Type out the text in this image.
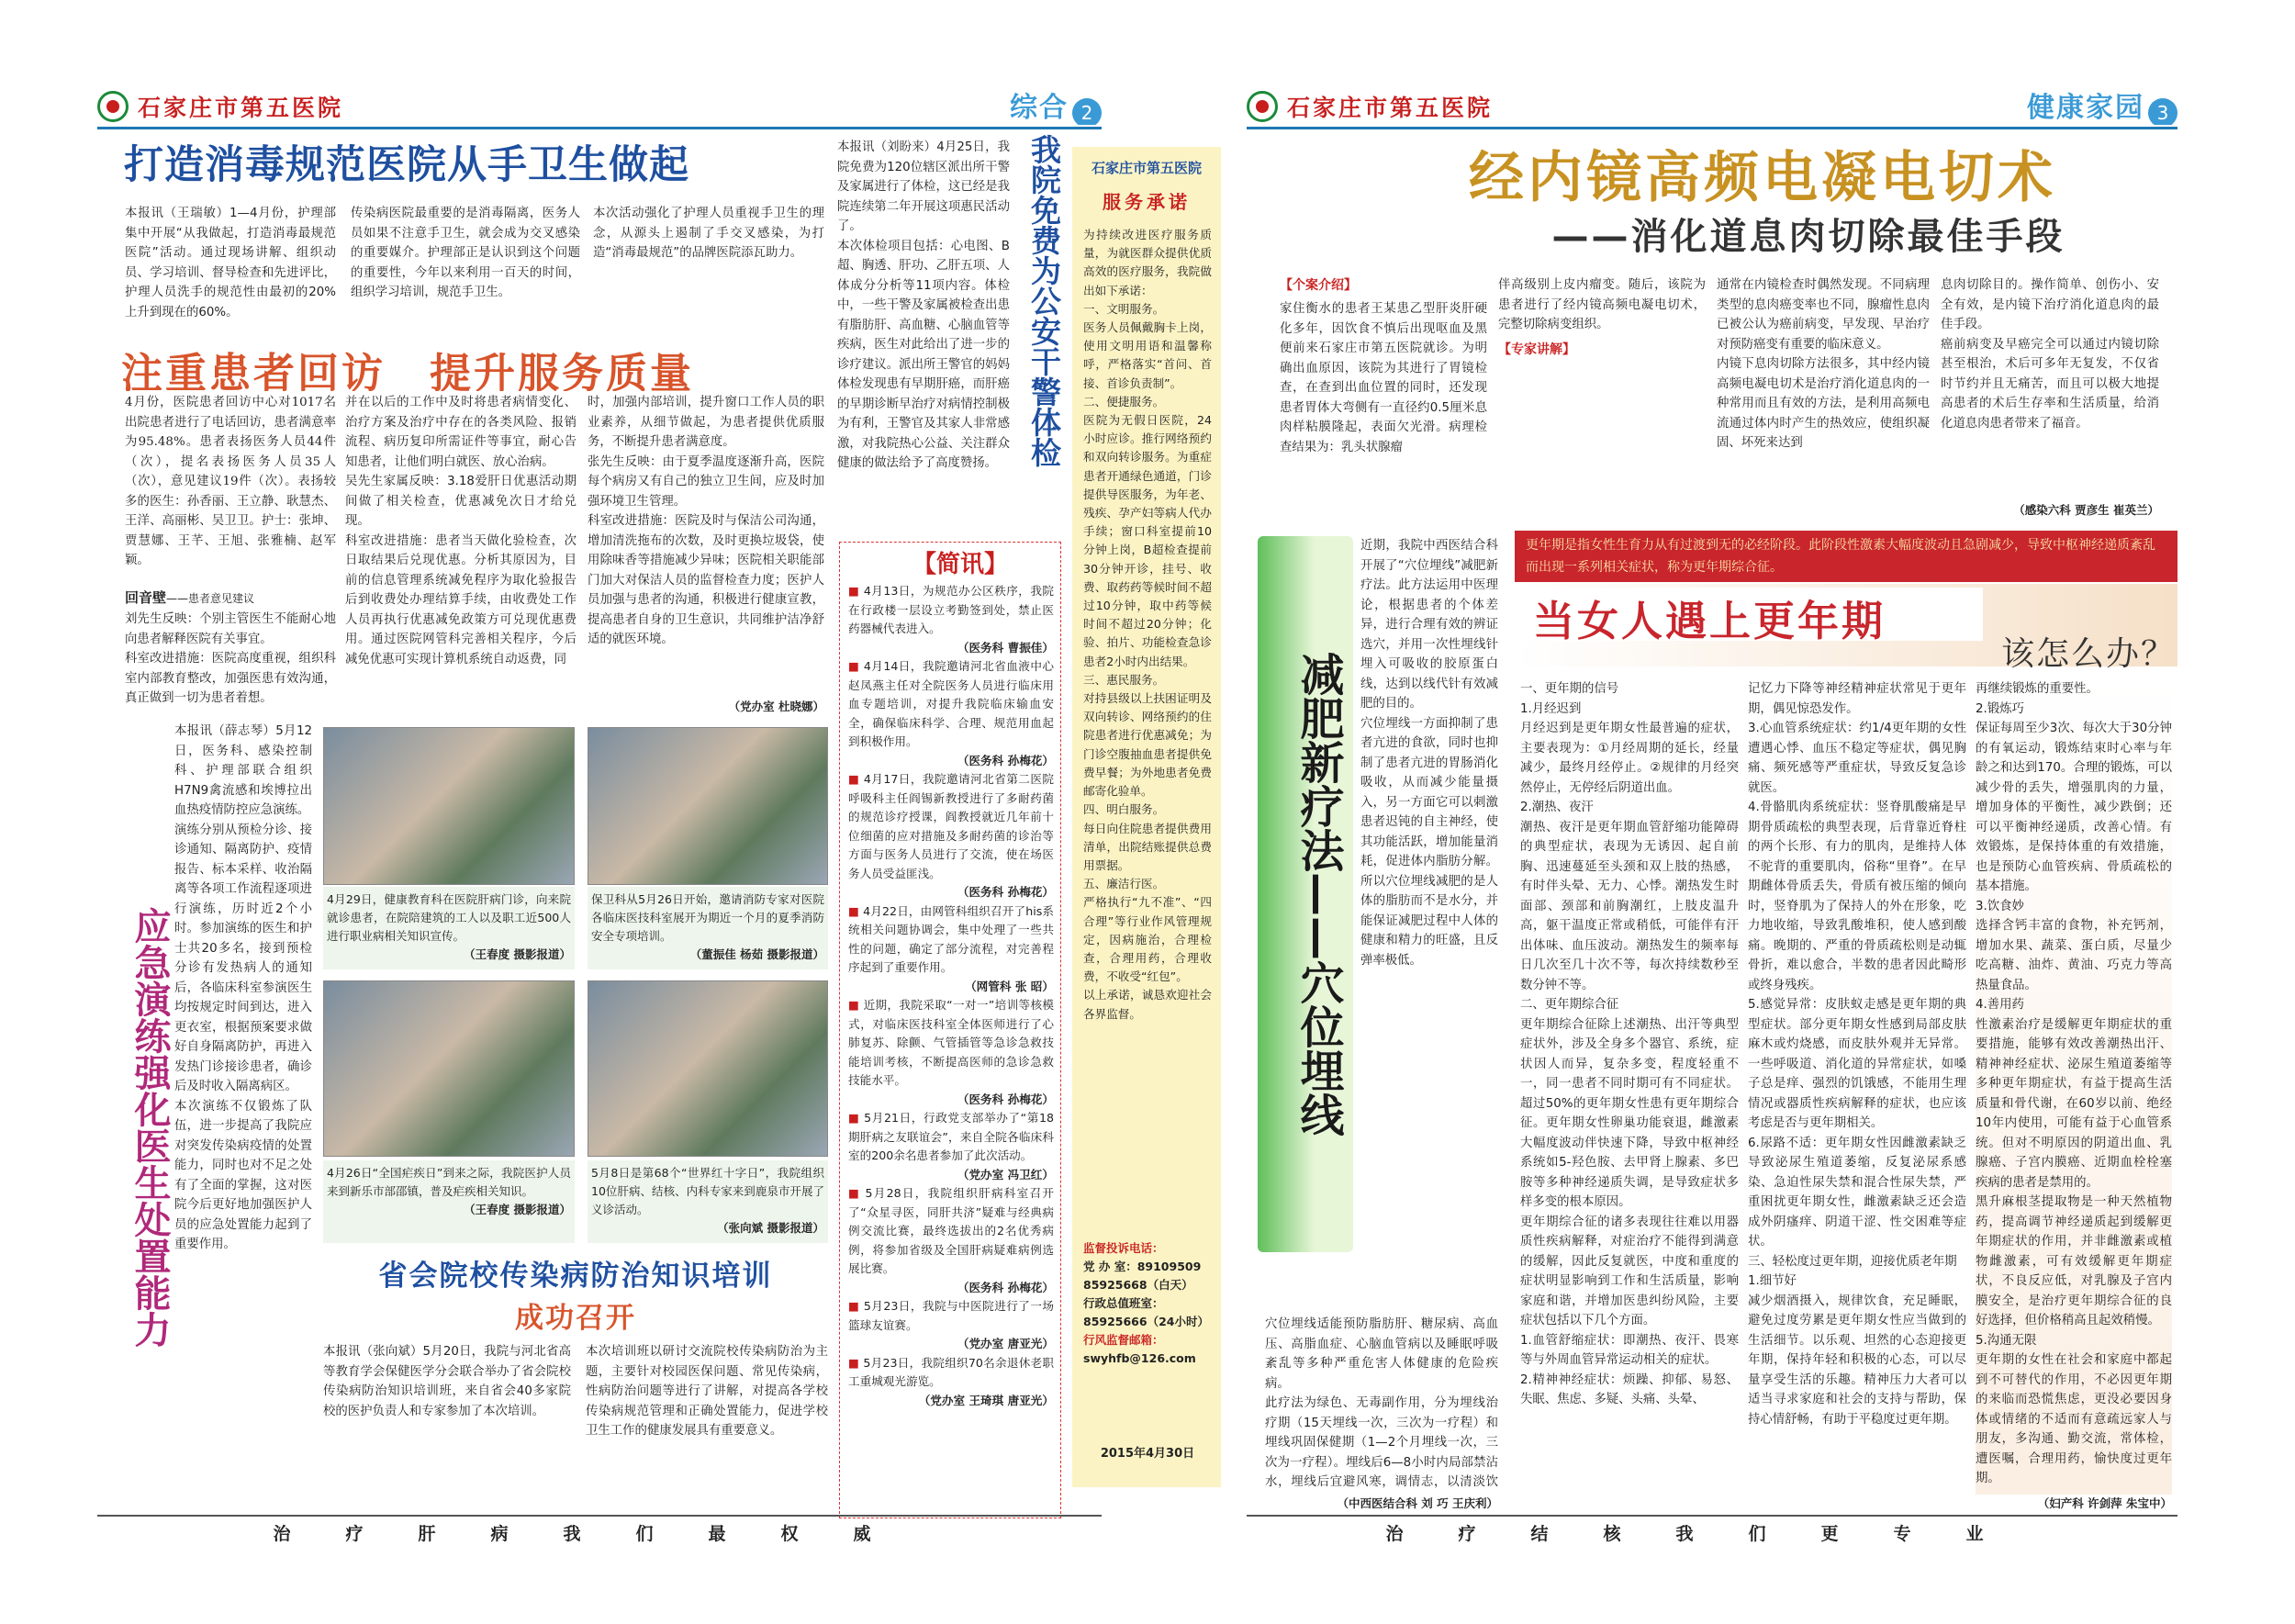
石家庄市第五医院	综合 2
打造消毒规范医院从手卫生做起
本报讯（王瑞敏）1—4月份，护理部集中开展“从我做起，打造消毒最规范医院”活动。通过现场讲解、组织动员、学习培训、督导检查和先进评比，护理人员洗手的规范性由最初的20%上升到现在的60%。
传染病医院最重要的是消毒隔离，医务人员如果不注意手卫生，就会成为交叉感染的重要媒介。护理部正是认识到这个问题的重要性，今年以来利用一百天的时间，组织学习培训，规范手卫生。
本次活动强化了护理人员重视手卫生的理念，从源头上遏制了手交叉感染，为打造“消毒最规范”的品牌医院添瓦助力。
注重患者回访　提升服务质量
4月份，医院患者回访中心对1017名出院患者进行了电话回访，患者满意率为95.48%。患者表扬医务人员44件（次），提名表扬医务人员35人（次），意见建议19件（次）。表扬较多的医生：孙香丽、王立静、耿慧杰、王洋、高丽彬、吴卫卫。护士：张坤、贾慧娜、王芊、王旭、张雅楠、赵军颖。
回音壁——患者意见建议
刘先生反映：个别主管医生不能耐心地向患者解释医院有关事宜。
科室改进措施：医院高度重视，组织科室内部教育整改，加强医患有效沟通，真正做到一切为患者着想。
并在以后的工作中及时将患者病情变化、治疗方案及治疗中存在的各类风险、报销流程、病历复印所需证件等事宜，耐心告知患者，让他们明白就医、放心治病。
吴先生家属反映：3.18爱肝日优惠活动期间做了相关检查，优惠减免次日才给兑现。
科室改进措施：患者当天做化验检查，次日取结果后兑现优惠。分析其原因为，目前的信息管理系统减免程序为取化验报告后到收费处办理结算手续，由收费处工作人员再执行优惠减免政策方可兑现优惠费用。通过医院网管科完善相关程序，今后减免优惠可实现计算机系统自动返费，同
时，加强内部培训，提升窗口工作人员的职业素养，从细节做起，为患者提供优质服务，不断提升患者满意度。
张先生反映：由于夏季温度逐渐升高，医院每个病房又有自己的独立卫生间，应及时加强环境卫生管理。
科室改进措施：医院及时与保洁公司沟通，增加清洗拖布的次数，及时更换垃圾袋，使用除味香等措施减少异味；医院相关职能部门加大对保洁人员的监督检查力度；医护人员加强与患者的沟通，积极进行健康宣教，提高患者自身的卫生意识，共同维护洁净舒适的就医环境。
（党办室 杜晓娜）
本报讯（刘盼来）4月25日，我院免费为120位辖区派出所干警及家属进行了体检，这已经是我院连续第二年开展这项惠民活动了。
本次体检项目包括：心电图、B超、胸透、肝功、乙肝五项、人体成分分析等11项内容。体检中，一些干警及家属被检查出患有脂肪肝、高血糖、心脑血管等疾病，医生对此给出了进一步的诊疗建议。派出所王警官的妈妈体检发现患有早期肝癌，而肝癌的早期诊断早治疗对病情控制极为有利，王警官及其家人非常感激，对我院热心公益、关注群众健康的做法给予了高度赞扬。 我院免费为公安干警体检
应急演练强化医生处置能力
本报讯（薛志琴）5月12日，医务科、感染控制科、护理部联合组织H7N9禽流感和埃博拉出血热疫情防控应急演练。
演练分别从预检分诊、接诊通知、隔离防护、疫情报告、标本采样、收治隔离等各项工作流程逐项进行演练，历时近2个小时。参加演练的医生和护士共20多名，接到预检分诊有发热病人的通知后，各临床科室参演医生均按规定时间到达，进入更衣室，根据预案要求做好自身隔离防护，再进入发热门诊接诊患者，确诊后及时收入隔离病区。
本次演练不仅锻炼了队伍，进一步提高了我院应对突发传染病疫情的处置能力，同时也对不足之处有了全面的掌握，这对医院今后更好地加强医护人员的应急处置能力起到了重要作用。
4月29日，健康教育科在医院肝病门诊，向来院就诊患者，在院陪建筑的工人以及职工近500人进行职业病相关知识宣传。
（王春度 摄影报道）
保卫科从5月26日开始，邀请消防专家对医院各临床医技科室展开为期近一个月的夏季消防安全专项培训。
（董振佳 杨茹 摄影报道）
4月26日“全国疟疾日”到来之际，我院医护人员来到新乐市部邵镇，普及疟疾相关知识。
（王春度 摄影报道）
5月8日是第68个“世界红十字日”，我院组织10位肝病、结核、内科专家来到鹿泉市开展了义诊活动。
（张向斌 摄影报道）
省会院校传染病防治知识培训
成功召开
本报讯（张向斌）5月20日，我院与河北省高等教育学会保健医学分会联合举办了省会院校传染病防治知识培训班，来自省会40多家院校的医护负责人和专家参加了本次培训。
本次培训班以研讨交流院校传染病防治为主题，主要针对校园医保问题、常见传染病，性病防治问题等进行了讲解，对提高各学校传染病规范管理和正确处置能力，促进学校卫生工作的健康发展具有重要意义。
【简讯】
■ 4月13日，为规范办公区秩序，我院在行政楼一层设立考勤签到处，禁止医药器械代表进入。
（医务科 曹振佳）
■ 4月14日，我院邀请河北省血液中心赵凤燕主任对全院医务人员进行临床用血专题培训，对提升我院临床输血安全，确保临床科学、合理、规范用血起到积极作用。
（医务科 孙梅花）
■ 4月17日，我院邀请河北省第二医院呼吸科主任阎锡新教授进行了多耐药菌的规范诊疗授课，阎教授就近几年前十位细菌的应对措施及多耐药菌的诊治等方面与医务人员进行了交流，使在场医务人员受益匪浅。
（医务科 孙梅花）
■ 4月22日，由网管科组织召开了his系统相关问题协调会，集中处理了一些共性的问题，确定了部分流程，对完善程序起到了重要作用。
（网管科 张 昭）
■ 近期，我院采取“一对一”培训等核模式，对临床医技科室全体医师进行了心肺复苏、除颤、气管插管等急诊急救技能培训考核，不断提高医师的急诊急救技能水平。
（医务科 孙梅花）
■ 5月21日，行政党支部举办了“第18期肝病之友联谊会”，来自全院各临床科室的200余名患者参加了此次活动。
（党办室 冯卫红）
■ 5月28日，我院组织肝病科室召开了“众星寻医，同肝共济”疑难与经典病例交流比赛，最终选拔出的2名优秀病例，将参加省级及全国肝病疑难病例选展比赛。
（医务科 孙梅花）
■ 5月23日，我院与中医院进行了一场篮球友谊赛。
（党办室 唐亚光）
■ 5月23日，我院组织70名余退休老职工重城观光游览。
（党办室 王琦琪 唐亚光）
治疗肝病我们最权威
石家庄市第五医院
服务承诺
为持续改进医疗服务质量，为就医群众提供优质高效的医疗服务，我院做出如下承诺：
一、文明服务。
医务人员佩戴胸卡上岗，使用文明用语和温馨称呼，严格落实“首问、首接、首诊负责制”。
二、便捷服务。
医院为无假日医院，24小时应诊。推行网络预约和双向转诊服务。为重症患者开通绿色通道，门诊提供导医服务，为年老、残疾、孕产妇等病人代办手续；窗口科室提前10分钟上岗，B超检查提前30分钟开诊，挂号、收费、取药药等候时间不超过10分钟，取中药等候时间不超过20分钟；化验、拍片、功能检查急诊患者2小时内出结果。
三、惠民服务。
对持县级以上扶困证明及双向转诊、网络预约的住院患者进行优惠减免；为门诊空腹抽血患者提供免费早餐；为外地患者免费邮寄化验单。
四、明白服务。
每日向住院患者提供费用清单，出院结账提供总费用票据。
五、廉洁行医。
严格执行“九不准”、“四合理”等行业作风管理规定，因病施治，合理检查，合理用药，合理收费，不收受“红包”。
以上承诺，诚恳欢迎社会各界监督。
监督投诉电话：
党 办 室：89109509
85925668（白天）
行政总值班室：85925666（24小时）
行风监督邮箱：
swyhfb@126.com
2015年4月30日
石家庄市第五医院	健康家园 3
经内镜高频电凝电切术
——消化道息肉切除最佳手段
【个案介绍】
家住衡水的患者王某患乙型肝炎肝硬化多年，因饮食不慎后出现呕血及黑便前来石家庄市第五医院就诊。为明确出血原因，该院为其进行了胃镜检查，在查到出血位置的同时，还发现患者胃体大弯侧有一直径约0.5厘米息肉样粘膜隆起，表面欠光滑。病理检查结果为：乳头状腺瘤
伴高级别上皮内瘤变。随后，该院为患者进行了经内镜高频电凝电切术，完整切除病变组织。

【专家讲解】
通常在内镜检查时偶然发现。不同病理类型的息肉癌变率也不同，腺瘤性息肉已被公认为癌前病变，早发现、早治疗对预防癌变有重要的临床意义。
内镜下息肉切除方法很多，其中经内镜高频电凝电切术是治疗消化道息肉的一种常用而且有效的方法，是利用高频电流通过体内时产生的热效应，使组织凝固、坏死来达到
息肉切除目的。操作简单、创伤小、安全有效，是内镜下治疗消化道息肉的最佳手段。
癌前病变及早癌完全可以通过内镜切除甚至根治，术后可多年无复发，不仅省时节约并且无痛苦，而且可以极大地提高患者的术后生存率和生活质量，给消化道息肉患者带来了福音。
（感染六科 贾彦生 崔英兰）
减肥新疗法——穴位埋线
近期，我院中西医结合科开展了“穴位埋线”减肥新疗法。此方法运用中医理论，根据患者的个体差异，进行合理有效的辨证选穴，并用一次性埋线针埋入可吸收的胶原蛋白线，达到以线代针有效减肥的目的。
穴位埋线一方面抑制了患者亢进的食欲，同时也抑制了患者亢进的胃肠消化吸收，从而减少能量摄入，另一方面它可以刺激患者迟钝的自主神经，使其功能活跃，增加能量消耗，促进体内脂肪分解。所以穴位埋线减肥的是人体的脂肪而不是水分，并能保证减肥过程中人体的健康和精力的旺盛，且反弹率极低。
穴位埋线适能预防脂肪肝、糖尿病、高血压、高脂血症、心脑血管病以及睡眠呼吸紊乱等多种严重危害人体健康的危险疾病。
此疗法为绿色、无毒副作用，分为埋线治疗期（15天埋线一次，三次为一疗程）和埋线巩固保健期（1—2个月埋线一次，三次为一疗程）。埋线后6—8小时内局部禁沾水，埋线后宜避风寒，调情志，以清淡饮
（中西医结合科 刘 巧 王庆利）
更年期是指女性生育力从有过渡到无的必经阶段。此阶段性激素大幅度波动且急剧减少，导致中枢神经递质紊乱而出现一系列相关症状，称为更年期综合征。
当女人遇上更年期
该怎么办？
一、更年期的信号
1.月经迟到
月经迟到是更年期女性最普遍的症状，主要表现为：①月经周期的延长，经量减少，最终月经停止。②规律的月经突然停止，无停经后阴道出血。
2.潮热、夜汗
潮热、夜汗是更年期血管舒缩功能障碍的典型症状，表现为无诱因、起自前胸、迅速蔓延至头颈和双上肢的热感，有时伴头晕、无力、心悸。潮热发生时面部、颈部和前胸潮红，上肢皮温升高，躯干温度正常或稍低，可能伴有汗出体味、血压波动。潮热发生的频率每日几次至几十次不等，每次持续数秒至数分钟不等。
二、更年期综合征
更年期综合征除上述潮热、出汗等典型症状外，涉及全身多个器官、系统，症状因人而异，复杂多变，程度轻重不一，同一患者不同时期可有不同症状。超过50%的更年期女性患有更年期综合征。更年期女性卵巢功能衰退，雌激素大幅度波动伴快速下降，导致中枢神经系统如5-羟色胺、去甲肾上腺素、多巴胺等多种神经递质失调，是导致症状多样多变的根本原因。
更年期综合征的诸多表现往往难以用器质性疾病解释，对症治疗不能得到满意的缓解，因此反复就医，中度和重度的症状明显影响到工作和生活质量，影响家庭和谐，并增加医患纠纷风险，主要症状包括以下几个方面。
1.血管舒缩症状：即潮热、夜汗、畏寒等与外周血管异常运动相关的症状。
2.精神神经症状：烦躁、抑郁、易怒、失眠、焦虑、多疑、头痛、头晕、
记忆力下降等神经精神症状常见于更年期，偶见惊恐发作。
3.心血管系统症状：约1/4更年期的女性遭遇心悸、血压不稳定等症状，偶见胸痛、频死感等严重症状，导致反复急诊就医。
4.骨骼肌肉系统症状：竖脊肌酸痛是早期骨质疏松的典型表现，后背靠近脊柱的两个长形、有力的肌肉，是维持人体不驼背的重要肌肉，俗称“里脊”。在早期雌体骨质丢失，骨质有被压缩的倾向时，竖脊肌为了保持人的外在形象，吃力地收缩，导致乳酸堆积，使人感到酸痛。晚期的、严重的骨质疏松则是动辄骨折，难以愈合，半数的患者因此畸形或终身残疾。
5.感觉异常：皮肤蚁走感是更年期的典型症状。部分更年期女性感到局部皮肤麻木或灼烧感，而皮肤外观并无异常。一些呼吸道、消化道的异常症状，如嗓子总是痒、强烈的饥饿感，不能用生理情况或器质性疾病解释的症状，也应该考虑是否与更年期相关。
6.尿路不适：更年期女性因雌激素缺乏导致泌尿生殖道萎缩，反复泌尿系感染、急迫性尿失禁和混合性尿失禁，严重困扰更年期女性，雌激素缺乏还会造成外阴瘙痒、阴道干涩、性交困难等症状。
三、轻松度过更年期，迎接优质老年期
1.细节好
减少烟酒摄入，规律饮食，充足睡眠，避免过度劳累是更年期女性应当做到的生活细节。以乐观、坦然的心态迎接更年期，保持年轻和积极的心态，可以尽量享受生活的乐趣。精神压力大者可以适当寻求家庭和社会的支持与帮助，保持心情舒畅，有助于平稳度过更年期。
再继续锻炼的重要性。
2.锻炼巧
保证每周至少3次、每次大于30分钟的有氧运动，锻炼结束时心率与年龄之和达到170。合理的锻炼，可以减少骨的丢失，增强肌肉的力量，增加身体的平衡性，减少跌倒；还可以平衡神经递质，改善心情。有效锻炼，是保持体重的有效措施，也是预防心血管疾病、骨质疏松的基本措施。
3.饮食妙
选择含钙丰富的食物，补充钙剂，增加水果、蔬菜、蛋白质，尽量少吃高糖、油炸、黄油、巧克力等高热量食品。
4.善用药
性激素治疗是缓解更年期症状的重要措施，能够有效改善潮热出汗、精神神经症状、泌尿生殖道萎缩等多种更年期症状，有益于提高生活质量和骨代谢，在60岁以前、绝经10年内使用，可能有益于心血管系统。但对不明原因的阴道出血、乳腺癌、子宫内膜癌、近期血栓栓塞疾病的患者是禁用的。
黑升麻根茎提取物是一种天然植物药，提高调节神经递质起到缓解更年期症状的作用，并非雌激素或植物雌激素，可有效缓解更年期症状，不良反应低，对乳腺及子宫内膜安全，是治疗更年期综合征的良好选择，但价格稍高且起效稍慢。
5.沟通无限
更年期的女性在社会和家庭中都起到不可替代的作用，不必因更年期的来临而恐慌焦虑，更没必要因身体或情绪的不适而有意疏远家人与朋友，多沟通、勤交流，常体检，遭医嘱，合理用药，愉快度过更年期。
（妇产科 许剑萍 朱宝中）
治疗结核我们更专业
